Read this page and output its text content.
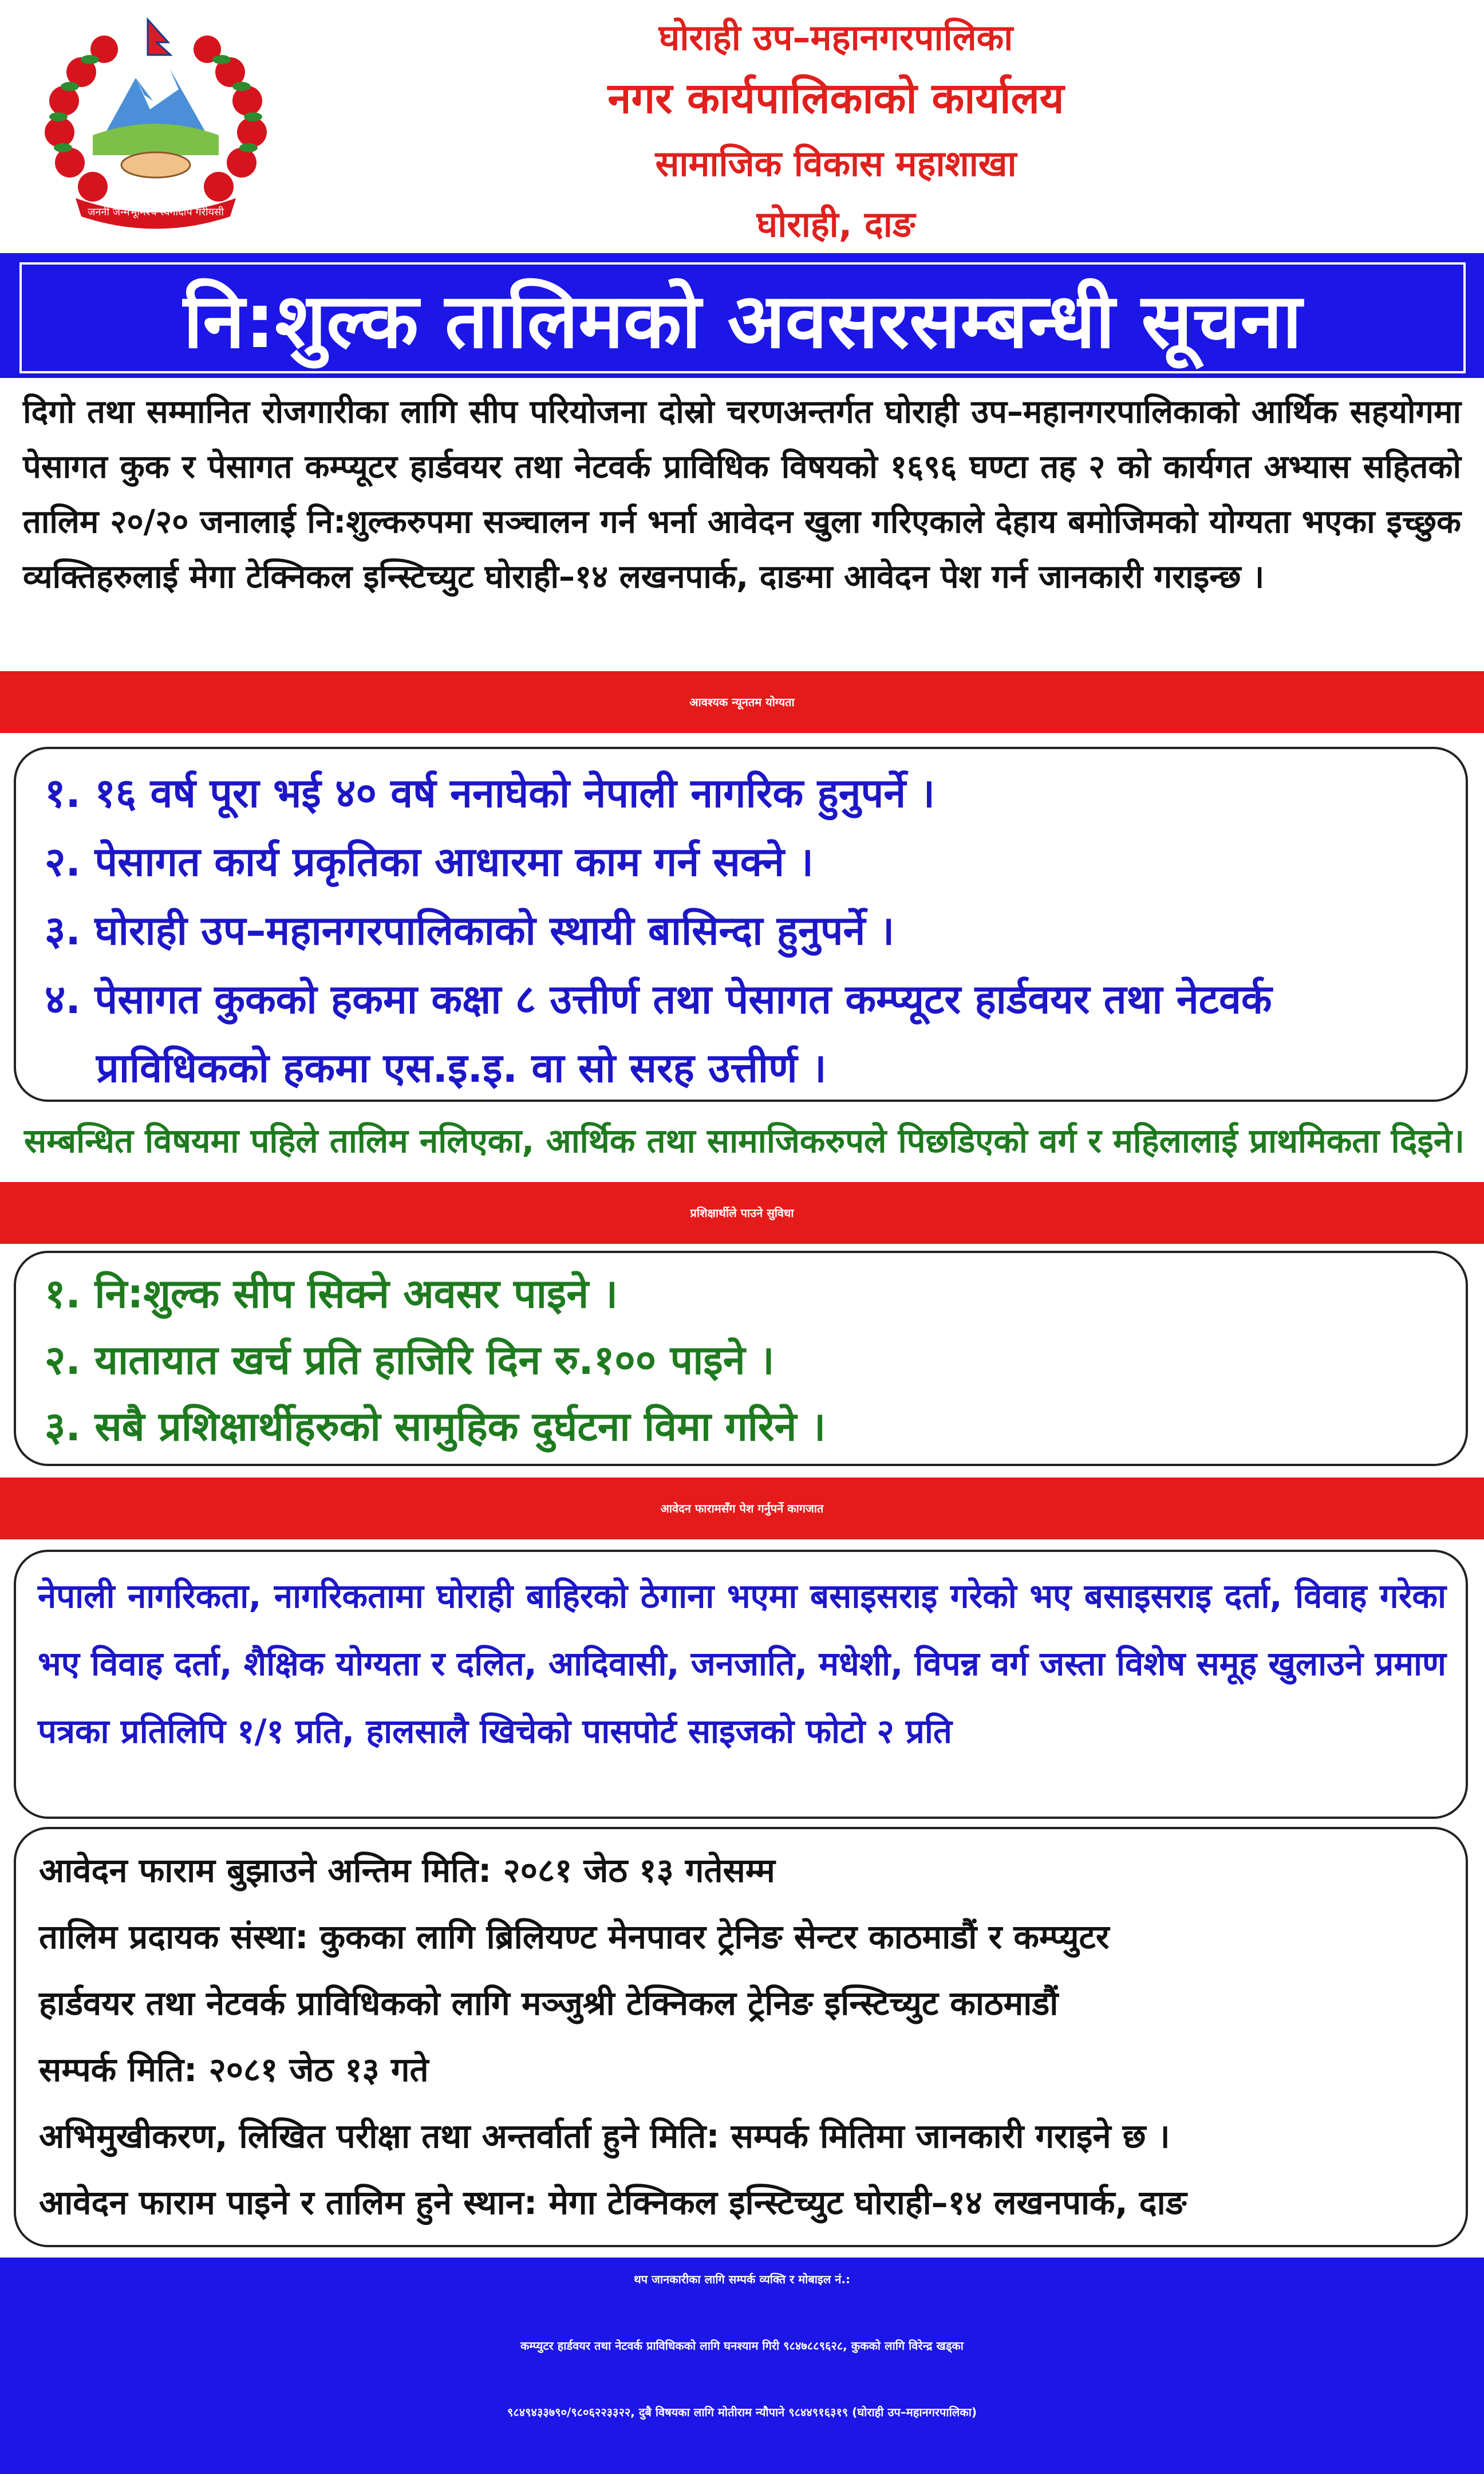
जननी जन्मभूमिश्च स्वर्गादपि गरीयसी
घोराही उप–महानगरपालिका
नगर कार्यपालिकाको कार्यालय
सामाजिक विकास महाशाखा
घोराही, दाङ
नि:शुल्क तालिमको अवसरसम्बन्धी सूचना
दिगो तथा सम्मानित रोजगारीका लागि सीप परियोजना दोस्रो चरणअन्तर्गत घोराही उप–महानगरपालिकाको आर्थिक सहयोगमा पेसागत कुक र पेसागत कम्प्यूटर हार्डवयर तथा नेटवर्क प्राविधिक विषयको १६९६ घण्टा तह २ को कार्यगत अभ्यास सहितको तालिम २०/२० जनालाई नि:शुल्करुपमा सञ्चालन गर्न भर्ना आवेदन खुला गरिएकाले देहाय बमोजिमको योग्यता भएका इच्छुक व्यक्तिहरुलाई मेगा टेक्निकल इन्स्टिच्युट घोराही–१४ लखनपार्क, दाङमा आवेदन पेश गर्न जानकारी गराइन्छ ।
आवश्यक न्यूनतम योग्यता
१. १६ वर्ष पूरा भई ४० वर्ष ननाघेको नेपाली नागरिक हुनुपर्ने ।
२. पेसागत कार्य प्रकृतिका आधारमा काम गर्न सक्ने ।
३. घोराही उप–महानगरपालिकाको स्थायी बासिन्दा हुनुपर्ने ।
४. पेसागत कुकको हकमा कक्षा ८ उत्तीर्ण तथा पेसागत कम्प्यूटर हार्डवयर तथा नेटवर्क
प्राविधिकको हकमा एस.इ.इ. वा सो सरह उत्तीर्ण ।
सम्बन्धित विषयमा पहिले तालिम नलिएका, आर्थिक तथा सामाजिकरुपले पिछडिएको वर्ग र महिलालाई प्राथमिकता दिइने।
प्रशिक्षार्थीले पाउने सुविधा
१. नि:शुल्क सीप सिक्ने अवसर पाइने ।
२. यातायात खर्च प्रति हाजिरि दिन रु.१०० पाइने ।
३. सबै प्रशिक्षार्थीहरुको सामुहिक दुर्घटना विमा गरिने ।
आवेदन फारामसँग पेश गर्नुपर्ने कागजात
नेपाली नागरिकता, नागरिकतामा घोराही बाहिरको ठेगाना भएमा बसाइसराइ गरेको भए बसाइसराइ दर्ता, विवाह गरेका भए विवाह दर्ता, शैक्षिक योग्यता र दलित, आदिवासी, जनजाति, मधेशी, विपन्न वर्ग जस्ता विशेष समूह खुलाउने प्रमाण पत्रका प्रतिलिपि १/१ प्रति, हालसालै खिचेको पासपोर्ट साइजको फोटो २ प्रति
आवेदन फाराम बुझाउने अन्तिम मिति: २०८१ जेठ १३ गतेसम्म
तालिम प्रदायक संस्था: कुकका लागि ब्रिलियण्ट मेनपावर ट्रेनिङ सेन्टर काठमाडौं र कम्प्युटर
हार्डवयर तथा नेटवर्क प्राविधिकको लागि मञ्जुश्री टेक्निकल ट्रेनिङ इन्स्टिच्युट काठमाडौं
सम्पर्क मिति: २०८१ जेठ १३ गते
अभिमुखीकरण, लिखित परीक्षा तथा अन्तर्वार्ता हुने मिति: सम्पर्क मितिमा जानकारी गराइने छ ।
आवेदन फाराम पाइने र तालिम हुने स्थान: मेगा टेक्निकल इन्स्टिच्युट घोराही–१४ लखनपार्क, दाङ
थप जानकारीका लागि सम्पर्क व्यक्ति र मोबाइल नं.:
कम्प्युटर हार्डवयर तथा नेटवर्क प्राविधिकको लागि घनश्याम गिरी ९८४७८८९६२८, कुकको लागि विरेन्द्र खड्का
९८४९४३३७९०/९८०६२२३३२२, दुबै विषयका लागि मोतीराम न्यौपाने ९८४४९१६३१९ (घोराही उप–महानगरपालिका)
